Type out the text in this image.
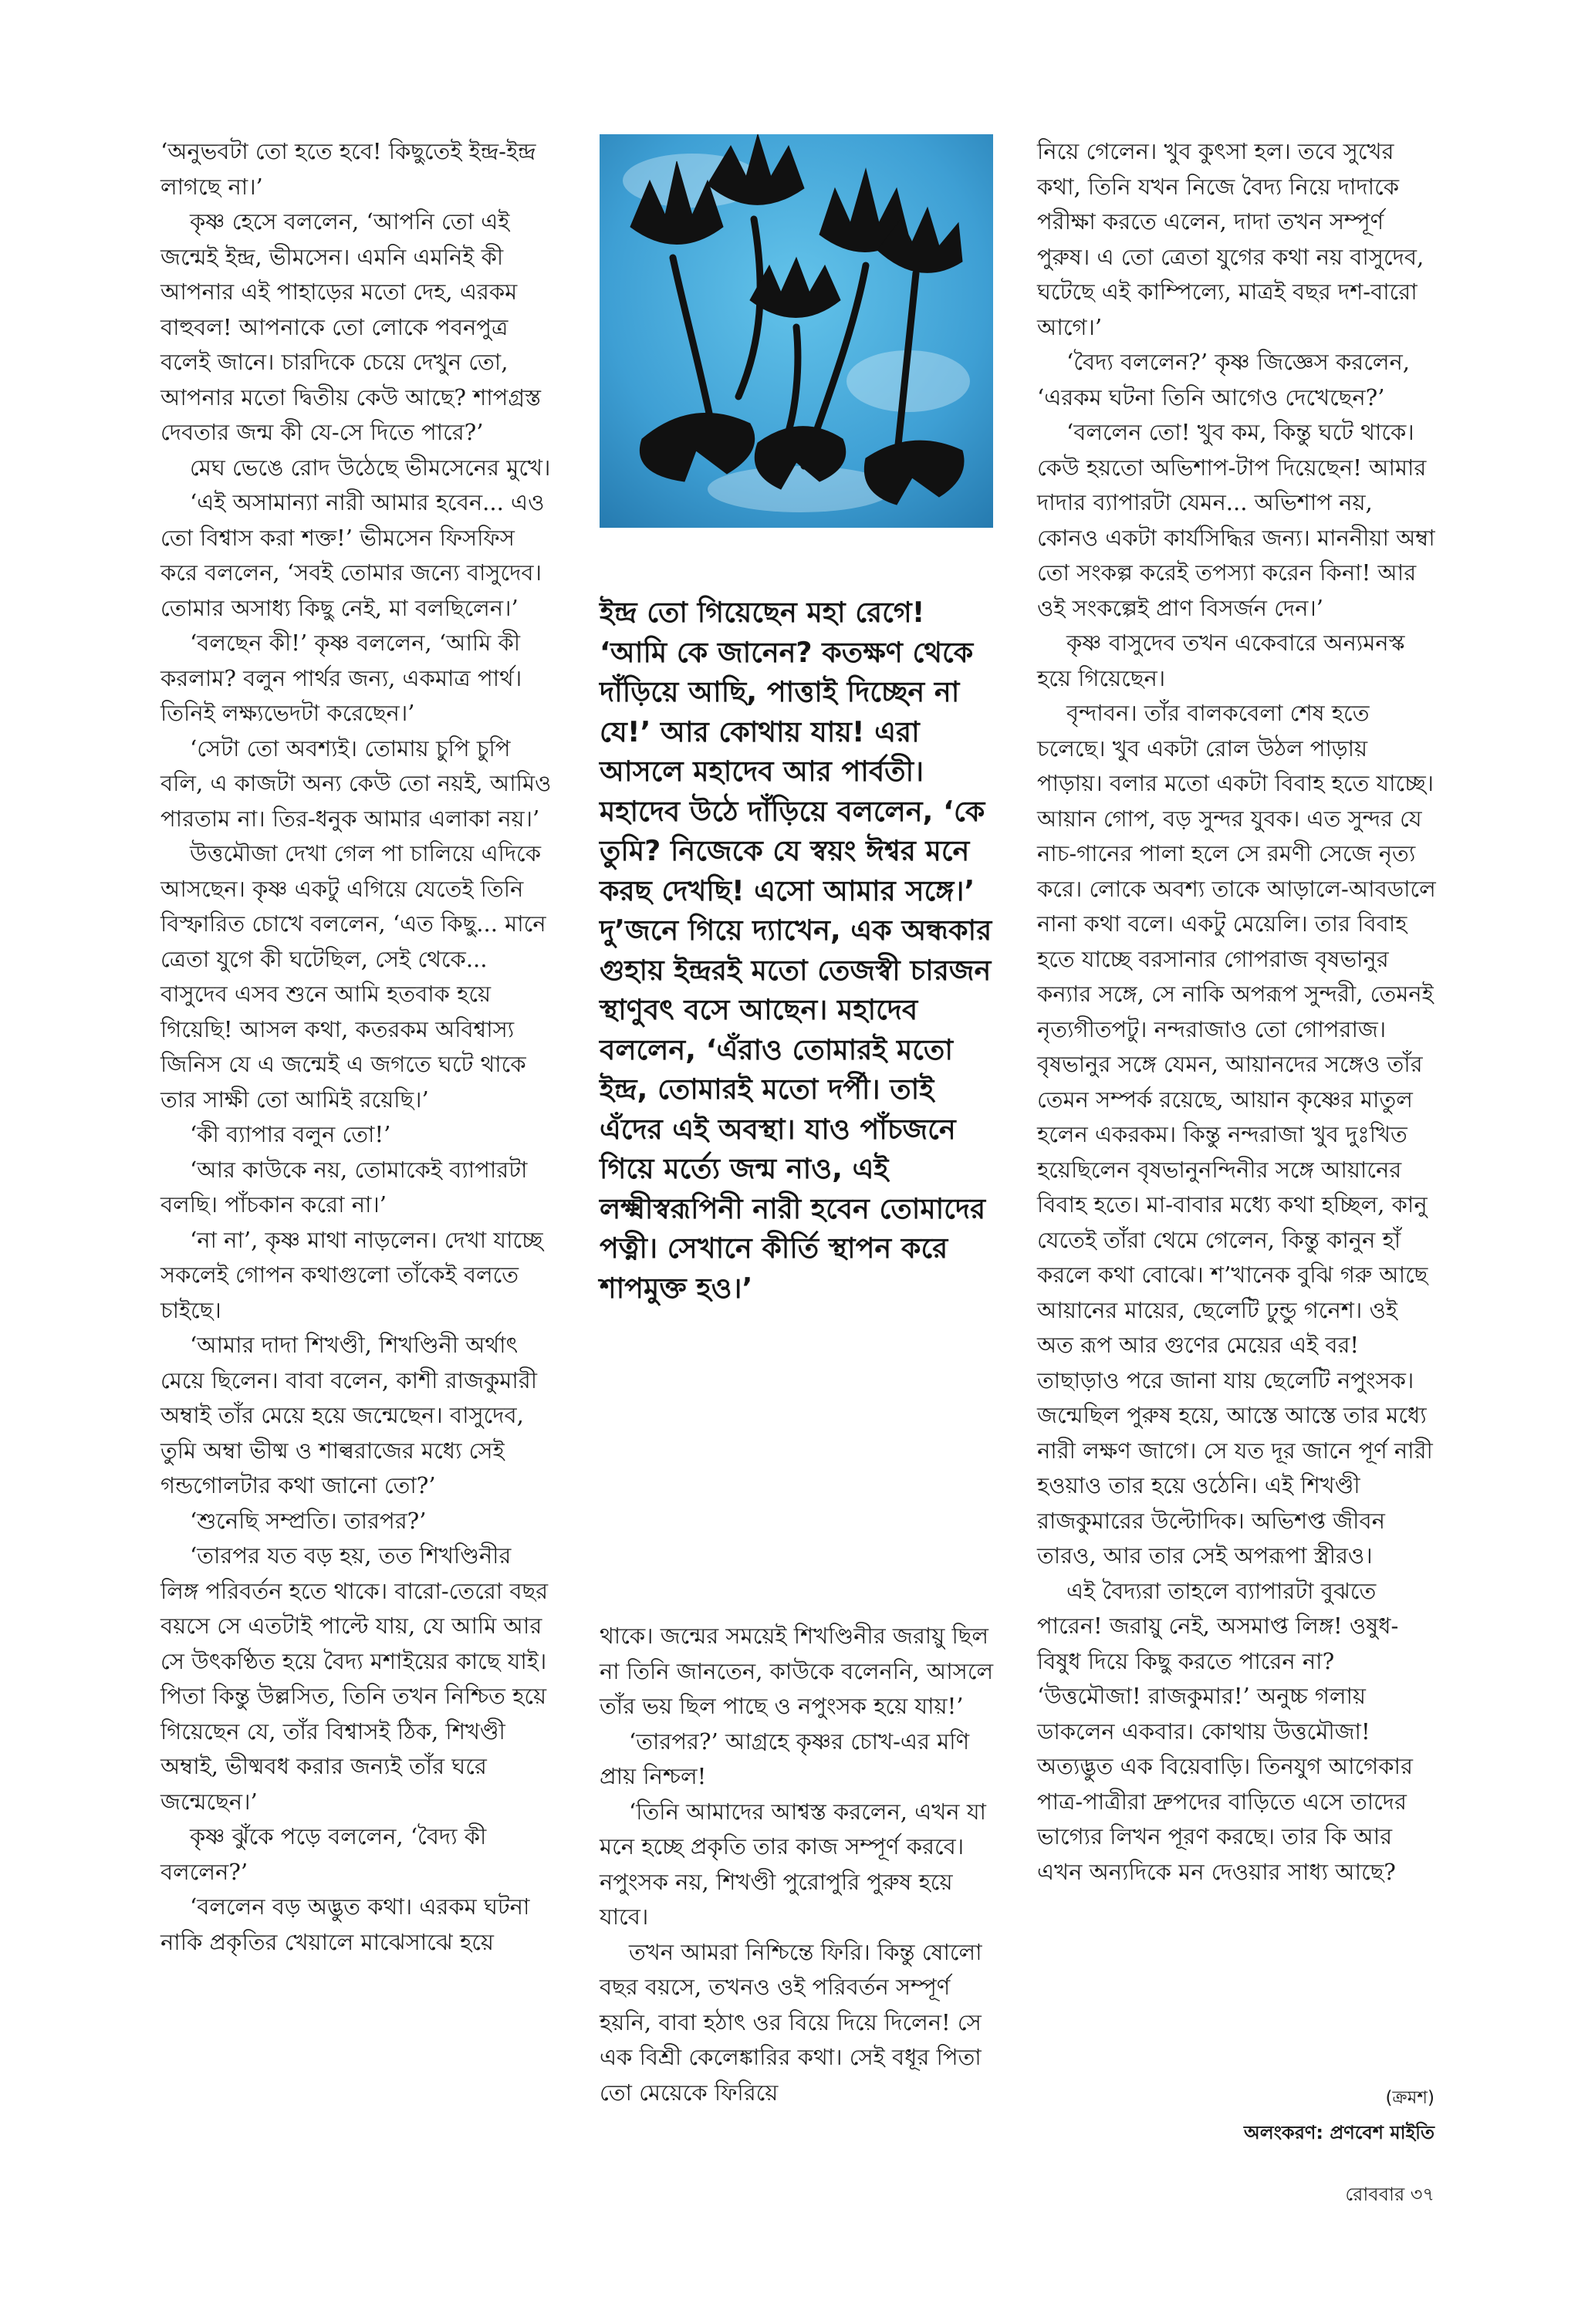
‘অনুভবটা তো হতে হবে! কিছুতেই ইন্দ্র-ইন্দ্র লাগছে না।’

কৃষ্ণ হেসে বললেন, ‘আপনি তো এই জন্মেই ইন্দ্র, ভীমসেন। এমনি এমনিই কী আপনার এই পাহাড়ের মতো দেহ, এরকম বাহুবল! আপনাকে তো লোকে পবনপুত্র বলেই জানে। চারদিকে চেয়ে দেখুন তো, আপনার মতো দ্বিতীয় কেউ আছে? শাপগ্রস্ত দেবতার জন্ম কী যে-সে দিতে পারে?’

মেঘ ভেঙে রোদ উঠেছে ভীমসেনের মুখে।

‘এই অসামান্যা নারী আমার হবেন... এও তো বিশ্বাস করা শক্ত!’ ভীমসেন ফিসফিস করে বললেন, ‘সবই তোমার জন্যে বাসুদেব। তোমার অসাধ্য কিছু নেই, মা বলছিলেন।’

‘বলছেন কী!’ কৃষ্ণ বললেন, ‘আমি কী করলাম? বলুন পার্থর জন্য, একমাত্র পার্থ। তিনিই লক্ষ্যভেদটা করেছেন।’

‘সেটা তো অবশ্যই। তোমায় চুপি চুপি বলি, এ কাজটা অন্য কেউ তো নয়ই, আমিও পারতাম না। তির-ধনুক আমার এলাকা নয়।’

উত্তমৌজা দেখা গেল পা চালিয়ে এদিকে আসছেন। কৃষ্ণ একটু এগিয়ে যেতেই তিনি বিস্ফারিত চোখে বললেন, ‘এত কিছু... মানে ত্রেতা যুগে কী ঘটেছিল, সেই থেকে... বাসুদেব এসব শুনে আমি হতবাক হয়ে গিয়েছি! আসল কথা, কতরকম অবিশ্বাস্য জিনিস যে এ জন্মেই এ জগতে ঘটে থাকে তার সাক্ষী তো আমিই রয়েছি।’

‘কী ব্যাপার বলুন তো!’

‘আর কাউকে নয়, তোমাকেই ব্যাপারটা বলছি। পাঁচকান করো না।’

‘না না’, কৃষ্ণ মাথা নাড়লেন। দেখা যাচ্ছে সকলেই গোপন কথাগুলো তাঁকেই বলতে চাইছে।

‘আমার দাদা শিখণ্ডী, শিখণ্ডিনী অর্থাৎ মেয়ে ছিলেন। বাবা বলেন, কাশী রাজকুমারী অম্বাই তাঁর মেয়ে হয়ে জন্মেছেন। বাসুদেব, তুমি অম্বা ভীষ্ম ও শাল্বরাজের মধ্যে সেই গন্ডগোলটার কথা জানো তো?’

‘শুনেছি সম্প্রতি। তারপর?’

‘তারপর যত বড় হয়, তত শিখণ্ডিনীর লিঙ্গ পরিবর্তন হতে থাকে। বারো-তেরো বছর বয়সে সে এতটাই পাল্টে যায়, যে আমি আর সে উৎকণ্ঠিত হয়ে বৈদ্য মশাইয়ের কাছে যাই। পিতা কিন্তু উল্লসিত, তিনি তখন নিশ্চিত হয়ে গিয়েছেন যে, তাঁর বিশ্বাসই ঠিক, শিখণ্ডী অম্বাই, ভীষ্মবধ করার জন্যই তাঁর ঘরে জন্মেছেন।’

কৃষ্ণ ঝুঁকে পড়ে বললেন, ‘বৈদ্য কী বললেন?’

‘বললেন বড় অদ্ভুত কথা। এরকম ঘটনা নাকি প্রকৃতির খেয়ালে মাঝেসাঝে হয়ে

ইন্দ্র তো গিয়েছেন মহা রেগে! ‘আমি কে জানেন? কতক্ষণ থেকে দাঁড়িয়ে আছি, পাত্তাই দিচ্ছেন না যে!’ আর কোথায় যায়! এরা আসলে মহাদেব আর পার্বতী। মহাদেব উঠে দাঁড়িয়ে বললেন, ‘কে তুমি? নিজেকে যে স্বয়ং ঈশ্বর মনে করছ দেখছি! এসো আমার সঙ্গে।’ দু’জনে গিয়ে দ্যাখেন, এক অন্ধকার গুহায় ইন্দ্ররই মতো তেজস্বী চারজন স্থাণুবৎ বসে আছেন। মহাদেব বললেন, ‘এঁরাও তোমারই মতো ইন্দ্র, তোমারই মতো দর্পী। তাই এঁদের এই অবস্থা। যাও পাঁচজনে গিয়ে মর্ত্যে জন্ম নাও, এই লক্ষ্মীস্বরূপিনী নারী হবেন তোমাদের পত্নী। সেখানে কীর্তি স্থাপন করে শাপমুক্ত হও।’

থাকে। জন্মের সময়েই শিখণ্ডিনীর জরায়ু ছিল না তিনি জানতেন, কাউকে বলেননি, আসলে তাঁর ভয় ছিল পাছে ও নপুংসক হয়ে যায়!’

‘তারপর?’ আগ্রহে কৃষ্ণর চোখ-এর মণি প্রায় নিশ্চল!

‘তিনি আমাদের আশ্বস্ত করলেন, এখন যা মনে হচ্ছে প্রকৃতি তার কাজ সম্পূর্ণ করবে। নপুংসক নয়, শিখণ্ডী পুরোপুরি পুরুষ হয়ে যাবে।

তখন আমরা নিশ্চিন্তে ফিরি। কিন্তু ষোলো বছর বয়সে, তখনও ওই পরিবর্তন সম্পূর্ণ হয়নি, বাবা হঠাৎ ওর বিয়ে দিয়ে দিলেন! সে এক বিশ্রী কেলেঙ্কারির কথা। সেই বধূর পিতা তো মেয়েকে ফিরিয়ে

নিয়ে গেলেন। খুব কুৎসা হল। তবে সুখের কথা, তিনি যখন নিজে বৈদ্য নিয়ে দাদাকে পরীক্ষা করতে এলেন, দাদা তখন সম্পূর্ণ পুরুষ। এ তো ত্রেতা যুগের কথা নয় বাসুদেব, ঘটেছে এই কাম্পিল্যে, মাত্রই বছর দশ-বারো আগে।’

‘বৈদ্য বললেন?’ কৃষ্ণ জিজ্ঞেস করলেন, ‘এরকম ঘটনা তিনি আগেও দেখেছেন?’

‘বললেন তো! খুব কম, কিন্তু ঘটে থাকে। কেউ হয়তো অভিশাপ-টাপ দিয়েছেন! আমার দাদার ব্যাপারটা যেমন... অভিশাপ নয়, কোনও একটা কার্যসিদ্ধির জন্য। মাননীয়া অম্বা তো সংকল্প করেই তপস্যা করেন কিনা! আর ওই সংকল্পেই প্রাণ বিসর্জন দেন।’

কৃষ্ণ বাসুদেব তখন একেবারে অন্যমনস্ক হয়ে গিয়েছেন।

বৃন্দাবন। তাঁর বালকবেলা শেষ হতে চলেছে। খুব একটা রোল উঠল পাড়ায় পাড়ায়। বলার মতো একটা বিবাহ হতে যাচ্ছে। আয়ান গোপ, বড় সুন্দর যুবক। এত সুন্দর যে নাচ-গানের পালা হলে সে রমণী সেজে নৃত্য করে। লোকে অবশ্য তাকে আড়ালে-আবডালে নানা কথা বলে। একটু মেয়েলি। তার বিবাহ হতে যাচ্ছে বরসানার গোপরাজ বৃষভানুর কন্যার সঙ্গে, সে নাকি অপরূপ সুন্দরী, তেমনই নৃত্যগীতপটু। নন্দরাজাও তো গোপরাজ। বৃষভানুর সঙ্গে যেমন, আয়ানদের সঙ্গেও তাঁর তেমন সম্পর্ক রয়েছে, আয়ান কৃষ্ণের মাতুল হলেন একরকম। কিন্তু নন্দরাজা খুব দুঃখিত হয়েছিলেন বৃষভানুনন্দিনীর সঙ্গে আয়ানের বিবাহ হতে। মা-বাবার মধ্যে কথা হচ্ছিল, কানু যেতেই তাঁরা থেমে গেলেন, কিন্তু কানুন হাঁ করলে কথা বোঝে। শ’খানেক বুঝি গরু আছে আয়ানের মায়ের, ছেলেটি ঢুন্ডু গনেশ। ওই অত রূপ আর গুণের মেয়ের এই বর! তাছাড়াও পরে জানা যায় ছেলেটি নপুংসক। জন্মেছিল পুরুষ হয়ে, আস্তে আস্তে তার মধ্যে নারী লক্ষণ জাগে। সে যত দূর জানে পূর্ণ নারী হওয়াও তার হয়ে ওঠেনি। এই শিখণ্ডী রাজকুমারের উল্টোদিক। অভিশপ্ত জীবন তারও, আর তার সেই অপরূপা স্ত্রীরও।

এই বৈদ্যরা তাহলে ব্যাপারটা বুঝতে পারেন! জরায়ু নেই, অসমাপ্ত লিঙ্গ! ওষুধ-বিষুধ দিয়ে কিছু করতে পারেন না? ‘উত্তমৌজা! রাজকুমার!’ অনুচ্চ গলায় ডাকলেন একবার। কোথায় উত্তমৌজা! অত্যদ্ভুত এক বিয়েবাড়ি। তিনযুগ আগেকার পাত্র-পাত্রীরা দ্রুপদের বাড়িতে এসে তাদের ভাগ্যের লিখন পূরণ করছে। তার কি আর এখন অন্যদিকে মন দেওয়ার সাধ্য আছে?

(ক্রমশ)
অলংকরণ: প্রণবেশ মাইতি
রোববার ৩৭
